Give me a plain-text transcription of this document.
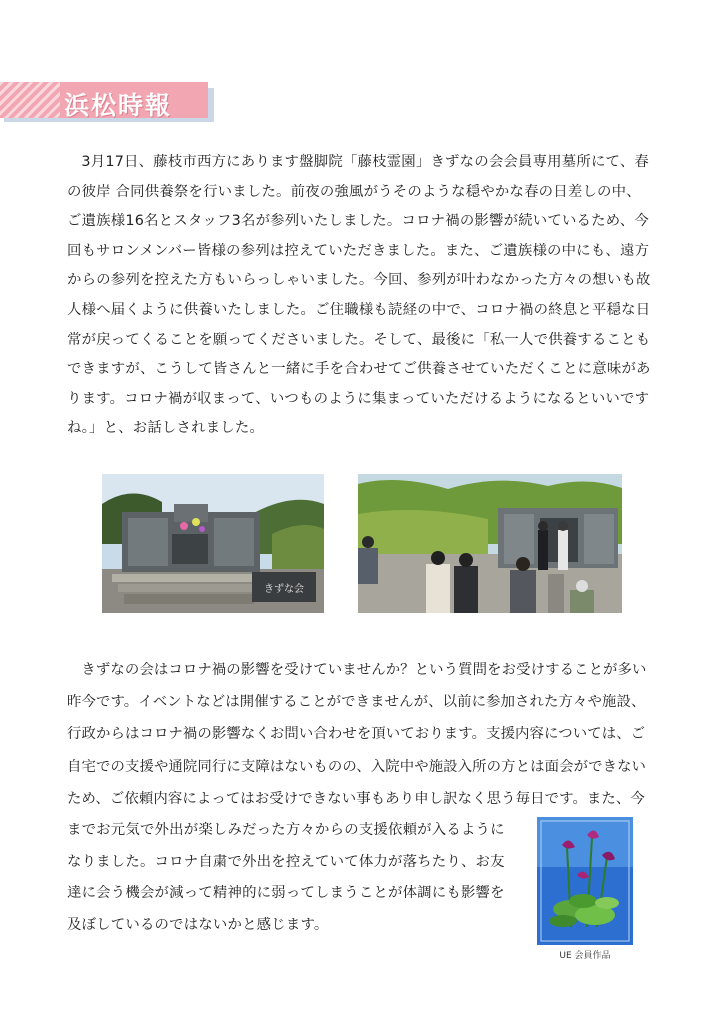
浜松時報

3月17日、藤枝市西方にあります盤脚院「藤枝霊園」きずなの会会員専用墓所にて、春の彼岸 合同供養祭を行いました。前夜の強風がうそのような穏やかな春の日差しの中、ご遺族様16名とスタッフ3名が参列いたしました。コロナ禍の影響が続いているため、今回もサロンメンバー皆様の参列は控えていただきました。また、ご遺族様の中にも、遠方からの参列を控えた方もいらっしゃいました。今回、参列が叶わなかった方々の想いも故人様へ届くように供養いたしました。ご住職様も読経の中で、コロナ禍の終息と平穏な日常が戻ってくることを願ってくださいました。そして、最後に「私一人で供養することもできますが、こうして皆さんと一緒に手を合わせてご供養させていただくことに意味があります。コロナ禍が収まって、いつものように集まっていただけるようになるといいですね。」と、お話しされました。

きずな会

きずなの会はコロナ禍の影響を受けていませんか？という質問をお受けすることが多い昨今です。イベントなどは開催することができませんが、以前に参加された方々や施設、行政からはコロナ禍の影響なくお問い合わせを頂いております。支援内容については、ご自宅での支援や通院同行に支障はないものの、入院中や施設入所の方とは面会ができないため、ご依頼内容によってはお受けできない事もあり申し訳なく思う毎日です。また、今

までお元気で外出が楽しみだった方々からの支援依頼が入るようになりました。コロナ自粛で外出を控えていて体力が落ちたり、お友達に会う機会が減って精神的に弱ってしまうことが体調にも影響を及ぼしているのではないかと感じます。

UE 会員作品
